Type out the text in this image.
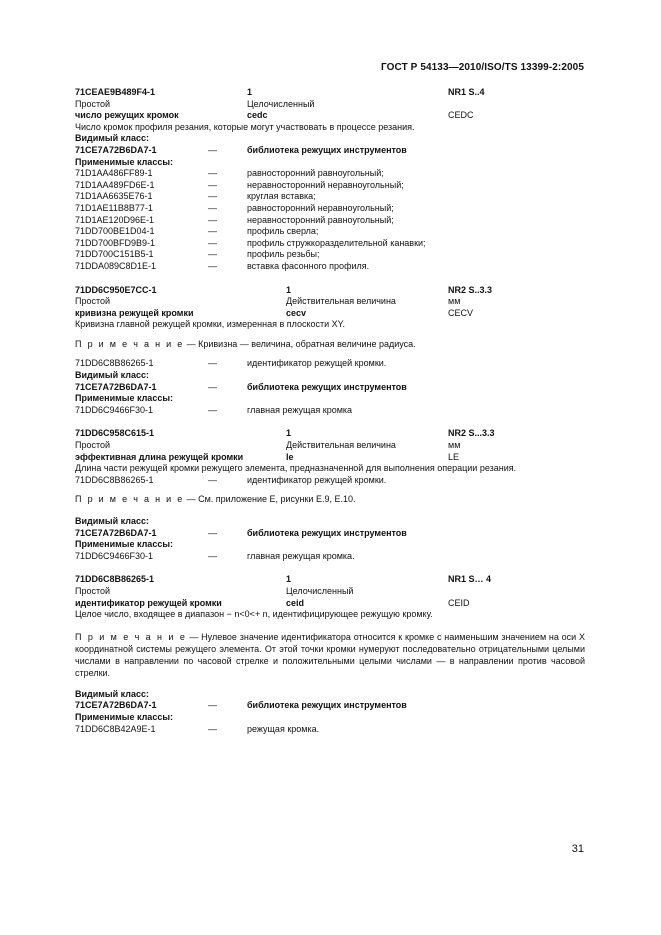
ГОСТ Р 54133—2010/ISO/TS 13399-2:2005
71CEAE9B489F4-1	1	NR1 S..4
Простой	Целочисленный
число режущих кромок	cedc	CEDC
Число кромок профиля резания, которые могут участвовать в процессе резания.
Видимый класс:
71CE7A72B6DA7-1	—	библиотека режущих инструментов
Применимые классы:
71D1AA486FF89-1	—	равносторонний равноугольный;
71D1AA489FD6E-1	—	неравносторонний неравноугольный;
71D1AA6635E76-1	—	круглая вставка;
71D1AE11B8B77-1	—	равносторонний неравноугольный;
71D1AE120D96E-1	—	неравносторонний равноугольный;
71DD700BE1D04-1	—	профиль сверла;
71DD700BFD9B9-1	—	профиль стружкоразделительной канавки;
71DD700C151B5-1	—	профиль резьбы;
71DDA089C8D1E-1	—	вставка фасонного профиля.
71DD6C950E7CC-1	1	NR2 S..3.3
Простой	Действительная величина	мм
кривизна режущей кромки	cecv	CECV
Кривизна главной режущей кромки, измеренная в плоскости XY.
П р и м е ч а н и е — Кривизна — величина, обратная величине радиуса.
71DD6C8B86265-1	—	идентификатор режущей кромки.
Видимый класс:
71CE7A72B6DA7-1	—	библиотека режущих инструментов
Применимые классы:
71DD6C9466F30-1	—	главная режущая кромка
71DD6C958C615-1	1	NR2 S...3.3
Простой	Действительная величина	мм
эффективная длина режущей кромки	le	LE
Длина части режущей кромки режущего элемента, предназначенной для выполнения операции резания.
71DD6C8B86265-1	—	идентификатор режущей кромки.
П р и м е ч а н и е — См. приложение Е, рисунки Е.9, Е.10.
Видимый класс:
71CE7A72B6DA7-1	—	библиотека режущих инструментов
Применимые классы:
71DD6C9466F30-1	—	главная режущая кромка.
71DD6C8B86265-1	1	NR1 S… 4
Простой	Целочисленный
идентификатор режущей кромки	ceid	CEID
Целое число, входящее в диапазон − n<0<+ n, идентифицирующее режущую кромку.

П р и м е ч а н и е — Нулевое значение идентификатора относится к кромке с наименьшим значением на оси X координатной системы режущего элемента. От этой точки кромки нумеруют последовательно отрицательными целыми числами в направлении по часовой стрелке и положительными целыми числами — в направлении против часовой стрелки.

Видимый класс:
71CE7A72B6DA7-1	—	библиотека режущих инструментов
Применимые классы:
71DD6C8B42A9E-1	—	режущая кромка.
31
